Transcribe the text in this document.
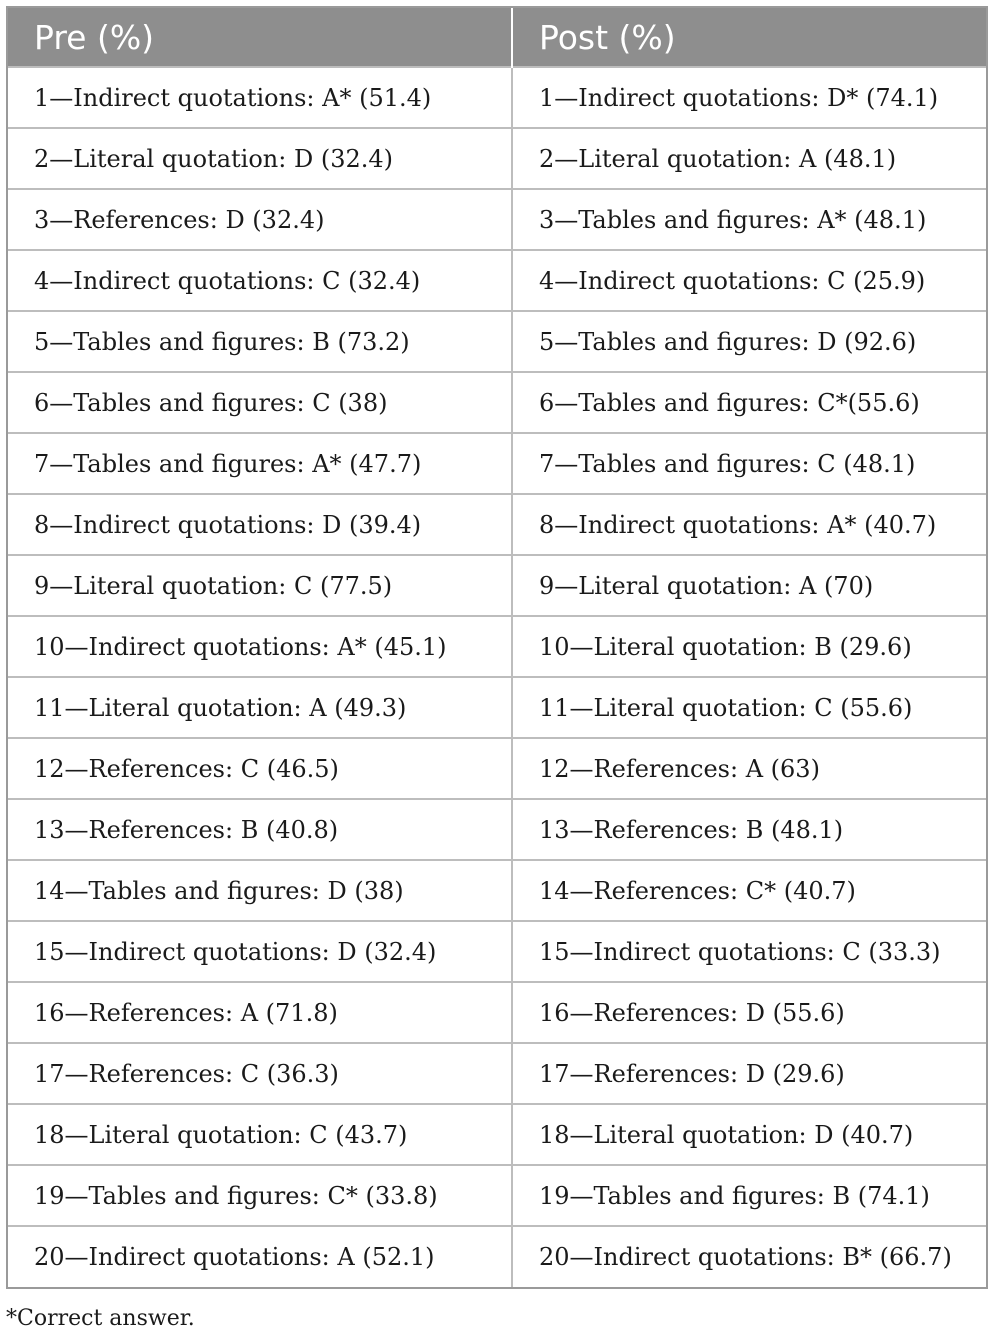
Pre (%)	Post (%)
1—Indirect quotations: A* (51.4)	1—Indirect quotations: D* (74.1)
2—Literal quotation: D (32.4)	2—Literal quotation: A (48.1)
3—References: D (32.4)	3—Tables and figures: A* (48.1)
4—Indirect quotations: C (32.4)	4—Indirect quotations: C (25.9)
5—Tables and figures: B (73.2)	5—Tables and figures: D (92.6)
6—Tables and figures: C (38)	6—Tables and figures: C*(55.6)
7—Tables and figures: A* (47.7)	7—Tables and figures: C (48.1)
8—Indirect quotations: D (39.4)	8—Indirect quotations: A* (40.7)
9—Literal quotation: C (77.5)	9—Literal quotation: A (70)
10—Indirect quotations: A* (45.1)	10—Literal quotation: B (29.6)
11—Literal quotation: A (49.3)	11—Literal quotation: C (55.6)
12—References: C (46.5)	12—References: A (63)
13—References: B (40.8)	13—References: B (48.1)
14—Tables and figures: D (38)	14—References: C* (40.7)
15—Indirect quotations: D (32.4)	15—Indirect quotations: C (33.3)
16—References: A (71.8)	16—References: D (55.6)
17—References: C (36.3)	17—References: D (29.6)
18—Literal quotation: C (43.7)	18—Literal quotation: D (40.7)
19—Tables and figures: C* (33.8)	19—Tables and figures: B (74.1)
20—Indirect quotations: A (52.1)	20—Indirect quotations: B* (66.7)
*Correct answer.
